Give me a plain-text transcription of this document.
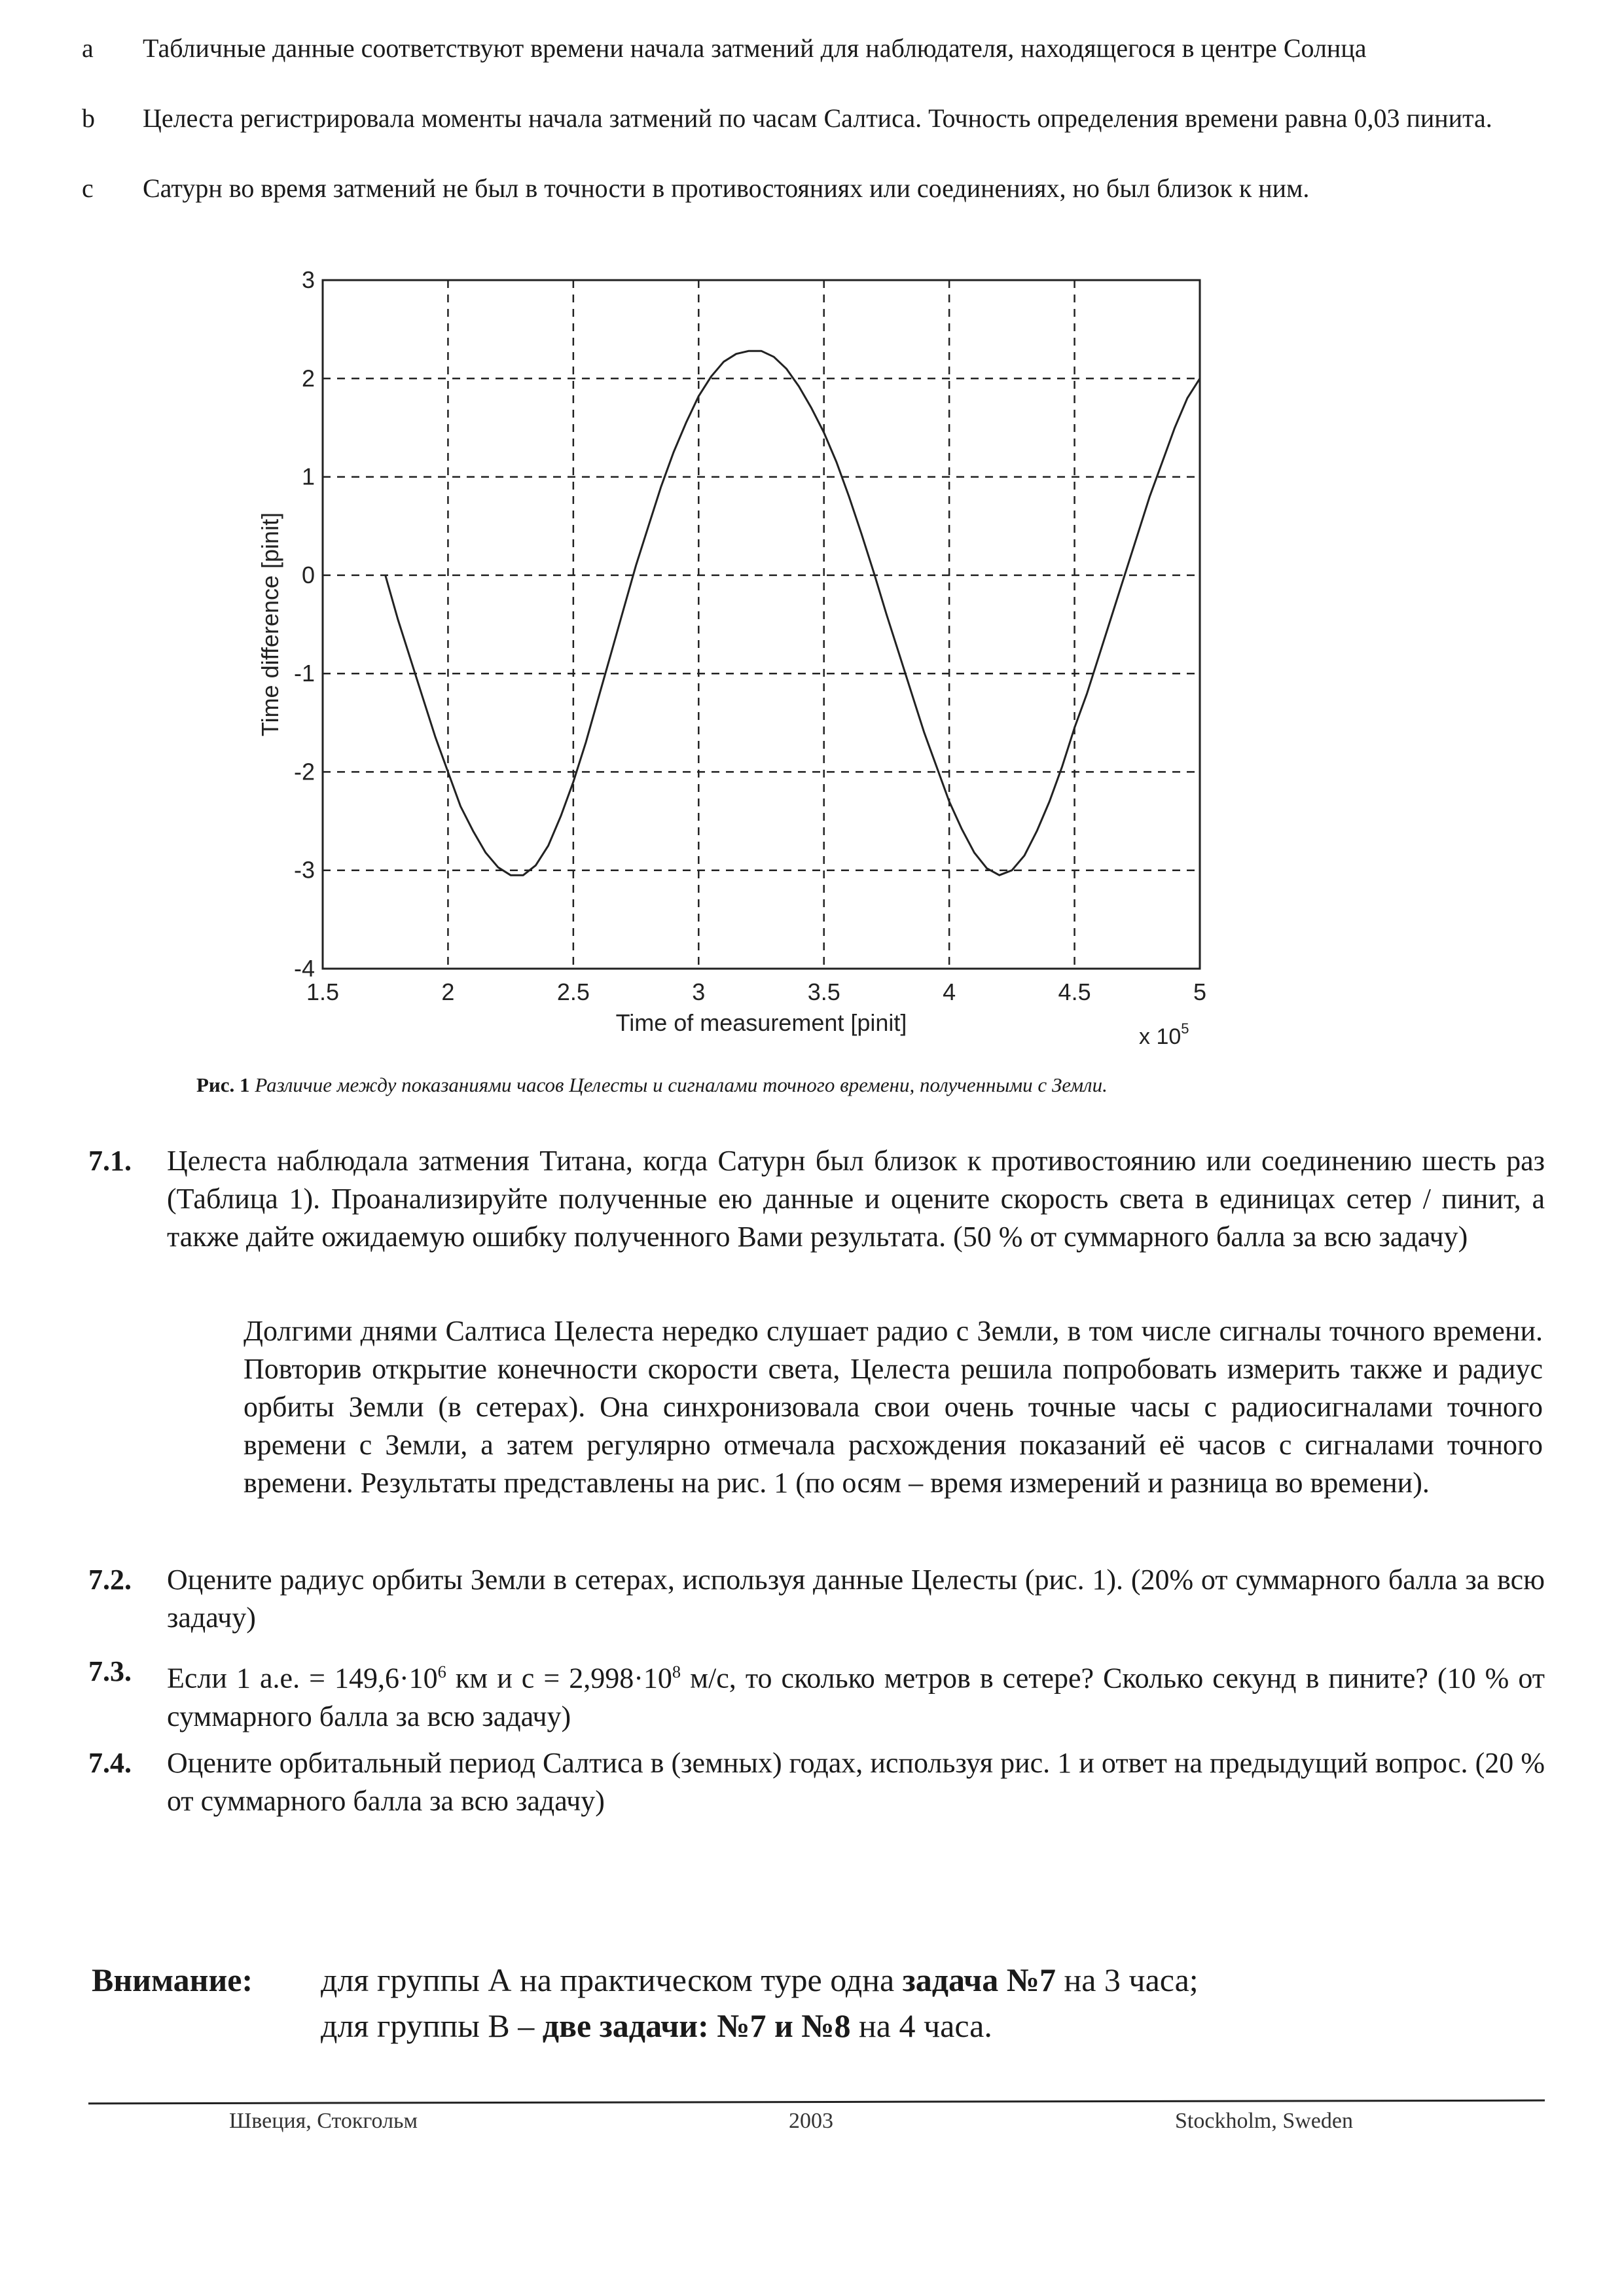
a	Табличные данные соответствуют времени начала затмений для наблюдателя, находящегося в центре Солнца
b	Целеста регистрировала моменты начала затмений по часам Салтиса. Точность определения времени равна 0,03 пинита.
c	Сатурн во время затмений не был в точности в противостояниях или соединениях, но был близок к ним.
1.5	2	2.5	3	3.5	4	4.5	5
3
2
1
0
-1
-2
-3
-4
Time of measurement [pinit]
Time difference [pinit]
x $10^5$
Рис. 1 Различие между показаниями часов Целесты и сигналами точного времени, полученными с Земли.
7.1. Целеста наблюдала затмения Титана, когда Сатурн был близок к противостоянию или соединению шесть раз (Таблица 1). Проанализируйте полученные ею данные и оцените скорость света в единицах сетер / пинит, а также дайте ожидаемую ошибку полученного Вами результата. (50 % от суммарного балла за всю задачу)
Долгими днями Салтиса Целеста нередко слушает радио с Земли, в том числе сигналы точного времени. Повторив открытие конечности скорости света, Целеста решила попробовать измерить также и радиус орбиты Земли (в сетерах). Она синхронизовала свои очень точные часы с радиосигналами точного времени с Земли, а затем регулярно отмечала расхождения показаний её часов с сигналами точного времени. Результаты представлены на рис. 1 (по осям – время измерений и разница во времени).
7.2. Оцените радиус орбиты Земли в сетерах, используя данные Целесты (рис. 1). (20% от суммарного балла за всю задачу)
7.3. Если 1 а.е. = $149,6\cdot 10^6$ км и $c = 2,998\cdot 10^8$ м/с, то сколько метров в сетере? Сколько секунд в пините? (10 % от суммарного балла за всю задачу)
7.4. Оцените орбитальный период Салтиса в (земных) годах, используя рис. 1 и ответ на предыдущий вопрос. (20 % от суммарного балла за всю задачу)
Внимание: для группы А на практическом туре одна задача №7 на 3 часа;
для группы В – две задачи: №7 и №8 на 4 часа.
Швеция, Стокгольм	2003	Stockholm, Sweden
